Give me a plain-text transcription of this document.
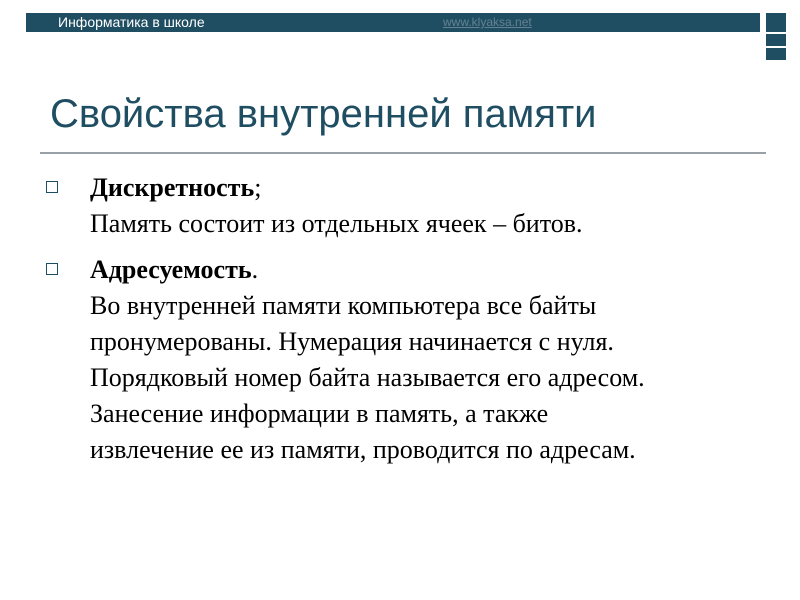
Информатика в школе	www.klyaksa.net
Свойства внутренней памяти
Дискретность;
Память состоит из отдельных ячеек – битов.
Адресуемость.
Во внутренней памяти компьютера все байты
пронумерованы. Нумерация начинается с нуля.
Порядковый номер байта называется его адресом.
Занесение информации в память, а также
извлечение ее из памяти, проводится по адресам.
